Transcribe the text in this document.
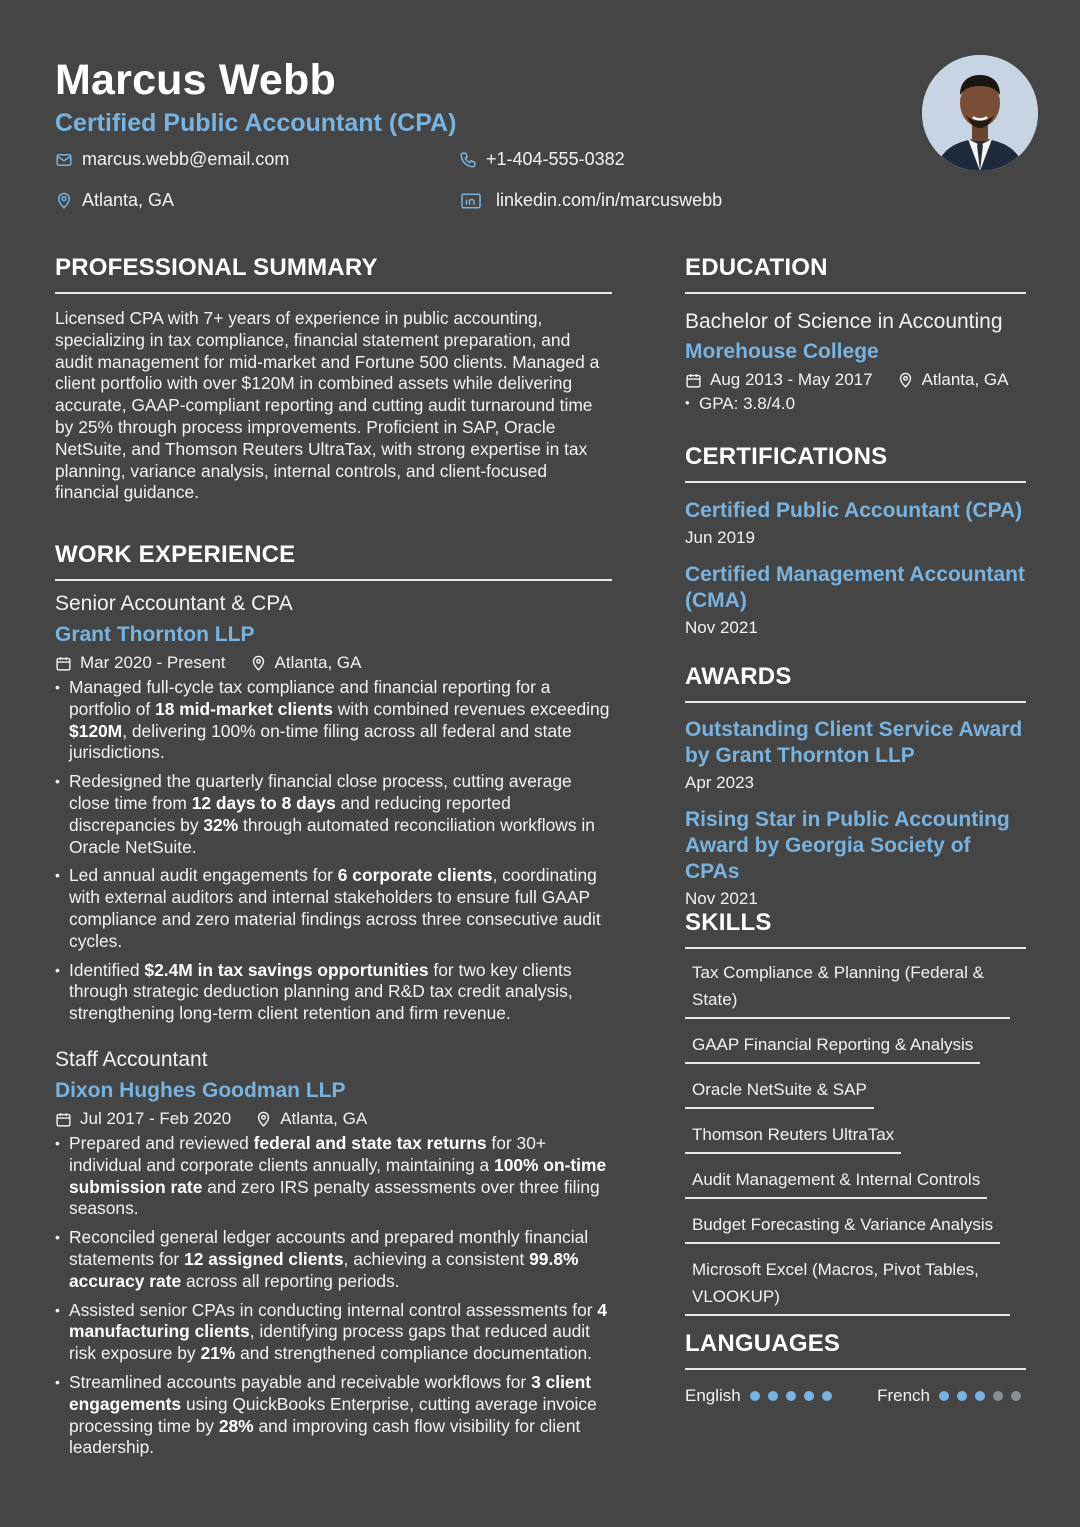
Marcus Webb
Certified Public Accountant (CPA)
marcus.webb@email.com	+1-404-555-0382
Atlanta, GA	linkedin.com/in/marcuswebb
PROFESSIONAL SUMMARY
Licensed CPA with 7+ years of experience in public accounting, specializing in tax compliance, financial statement preparation, and audit management for mid-market and Fortune 500 clients. Managed a client portfolio with over $120M in combined assets while delivering accurate, GAAP-compliant reporting and cutting audit turnaround time by 25% through process improvements. Proficient in SAP, Oracle NetSuite, and Thomson Reuters UltraTax, with strong expertise in tax planning, variance analysis, internal controls, and client-focused financial guidance.
WORK EXPERIENCE
Senior Accountant & CPA
Grant Thornton LLP
Mar 2020 - Present	Atlanta, GA
• Managed full-cycle tax compliance and financial reporting for a portfolio of 18 mid-market clients with combined revenues exceeding $120M, delivering 100% on-time filing across all federal and state jurisdictions.
• Redesigned the quarterly financial close process, cutting average close time from 12 days to 8 days and reducing reported discrepancies by 32% through automated reconciliation workflows in Oracle NetSuite.
• Led annual audit engagements for 6 corporate clients, coordinating with external auditors and internal stakeholders to ensure full GAAP compliance and zero material findings across three consecutive audit cycles.
• Identified $2.4M in tax savings opportunities for two key clients through strategic deduction planning and R&D tax credit analysis, strengthening long-term client retention and firm revenue.
Staff Accountant
Dixon Hughes Goodman LLP
Jul 2017 - Feb 2020	Atlanta, GA
• Prepared and reviewed federal and state tax returns for 30+ individual and corporate clients annually, maintaining a 100% on-time submission rate and zero IRS penalty assessments over three filing seasons.
• Reconciled general ledger accounts and prepared monthly financial statements for 12 assigned clients, achieving a consistent 99.8% accuracy rate across all reporting periods.
• Assisted senior CPAs in conducting internal control assessments for 4 manufacturing clients, identifying process gaps that reduced audit risk exposure by 21% and strengthened compliance documentation.
• Streamlined accounts payable and receivable workflows for 3 client engagements using QuickBooks Enterprise, cutting average invoice processing time by 28% and improving cash flow visibility for client leadership.
EDUCATION
Bachelor of Science in Accounting
Morehouse College
Aug 2013 - May 2017	Atlanta, GA
• GPA: 3.8/4.0
CERTIFICATIONS
Certified Public Accountant (CPA)
Jun 2019
Certified Management Accountant (CMA)
Nov 2021
AWARDS
Outstanding Client Service Award by Grant Thornton LLP
Apr 2023
Rising Star in Public Accounting Award by Georgia Society of CPAs
Nov 2021
SKILLS
Tax Compliance & Planning (Federal & State)
GAAP Financial Reporting & Analysis
Oracle NetSuite & SAP
Thomson Reuters UltraTax
Audit Management & Internal Controls
Budget Forecasting & Variance Analysis
Microsoft Excel (Macros, Pivot Tables, VLOOKUP)
LANGUAGES
English	French
